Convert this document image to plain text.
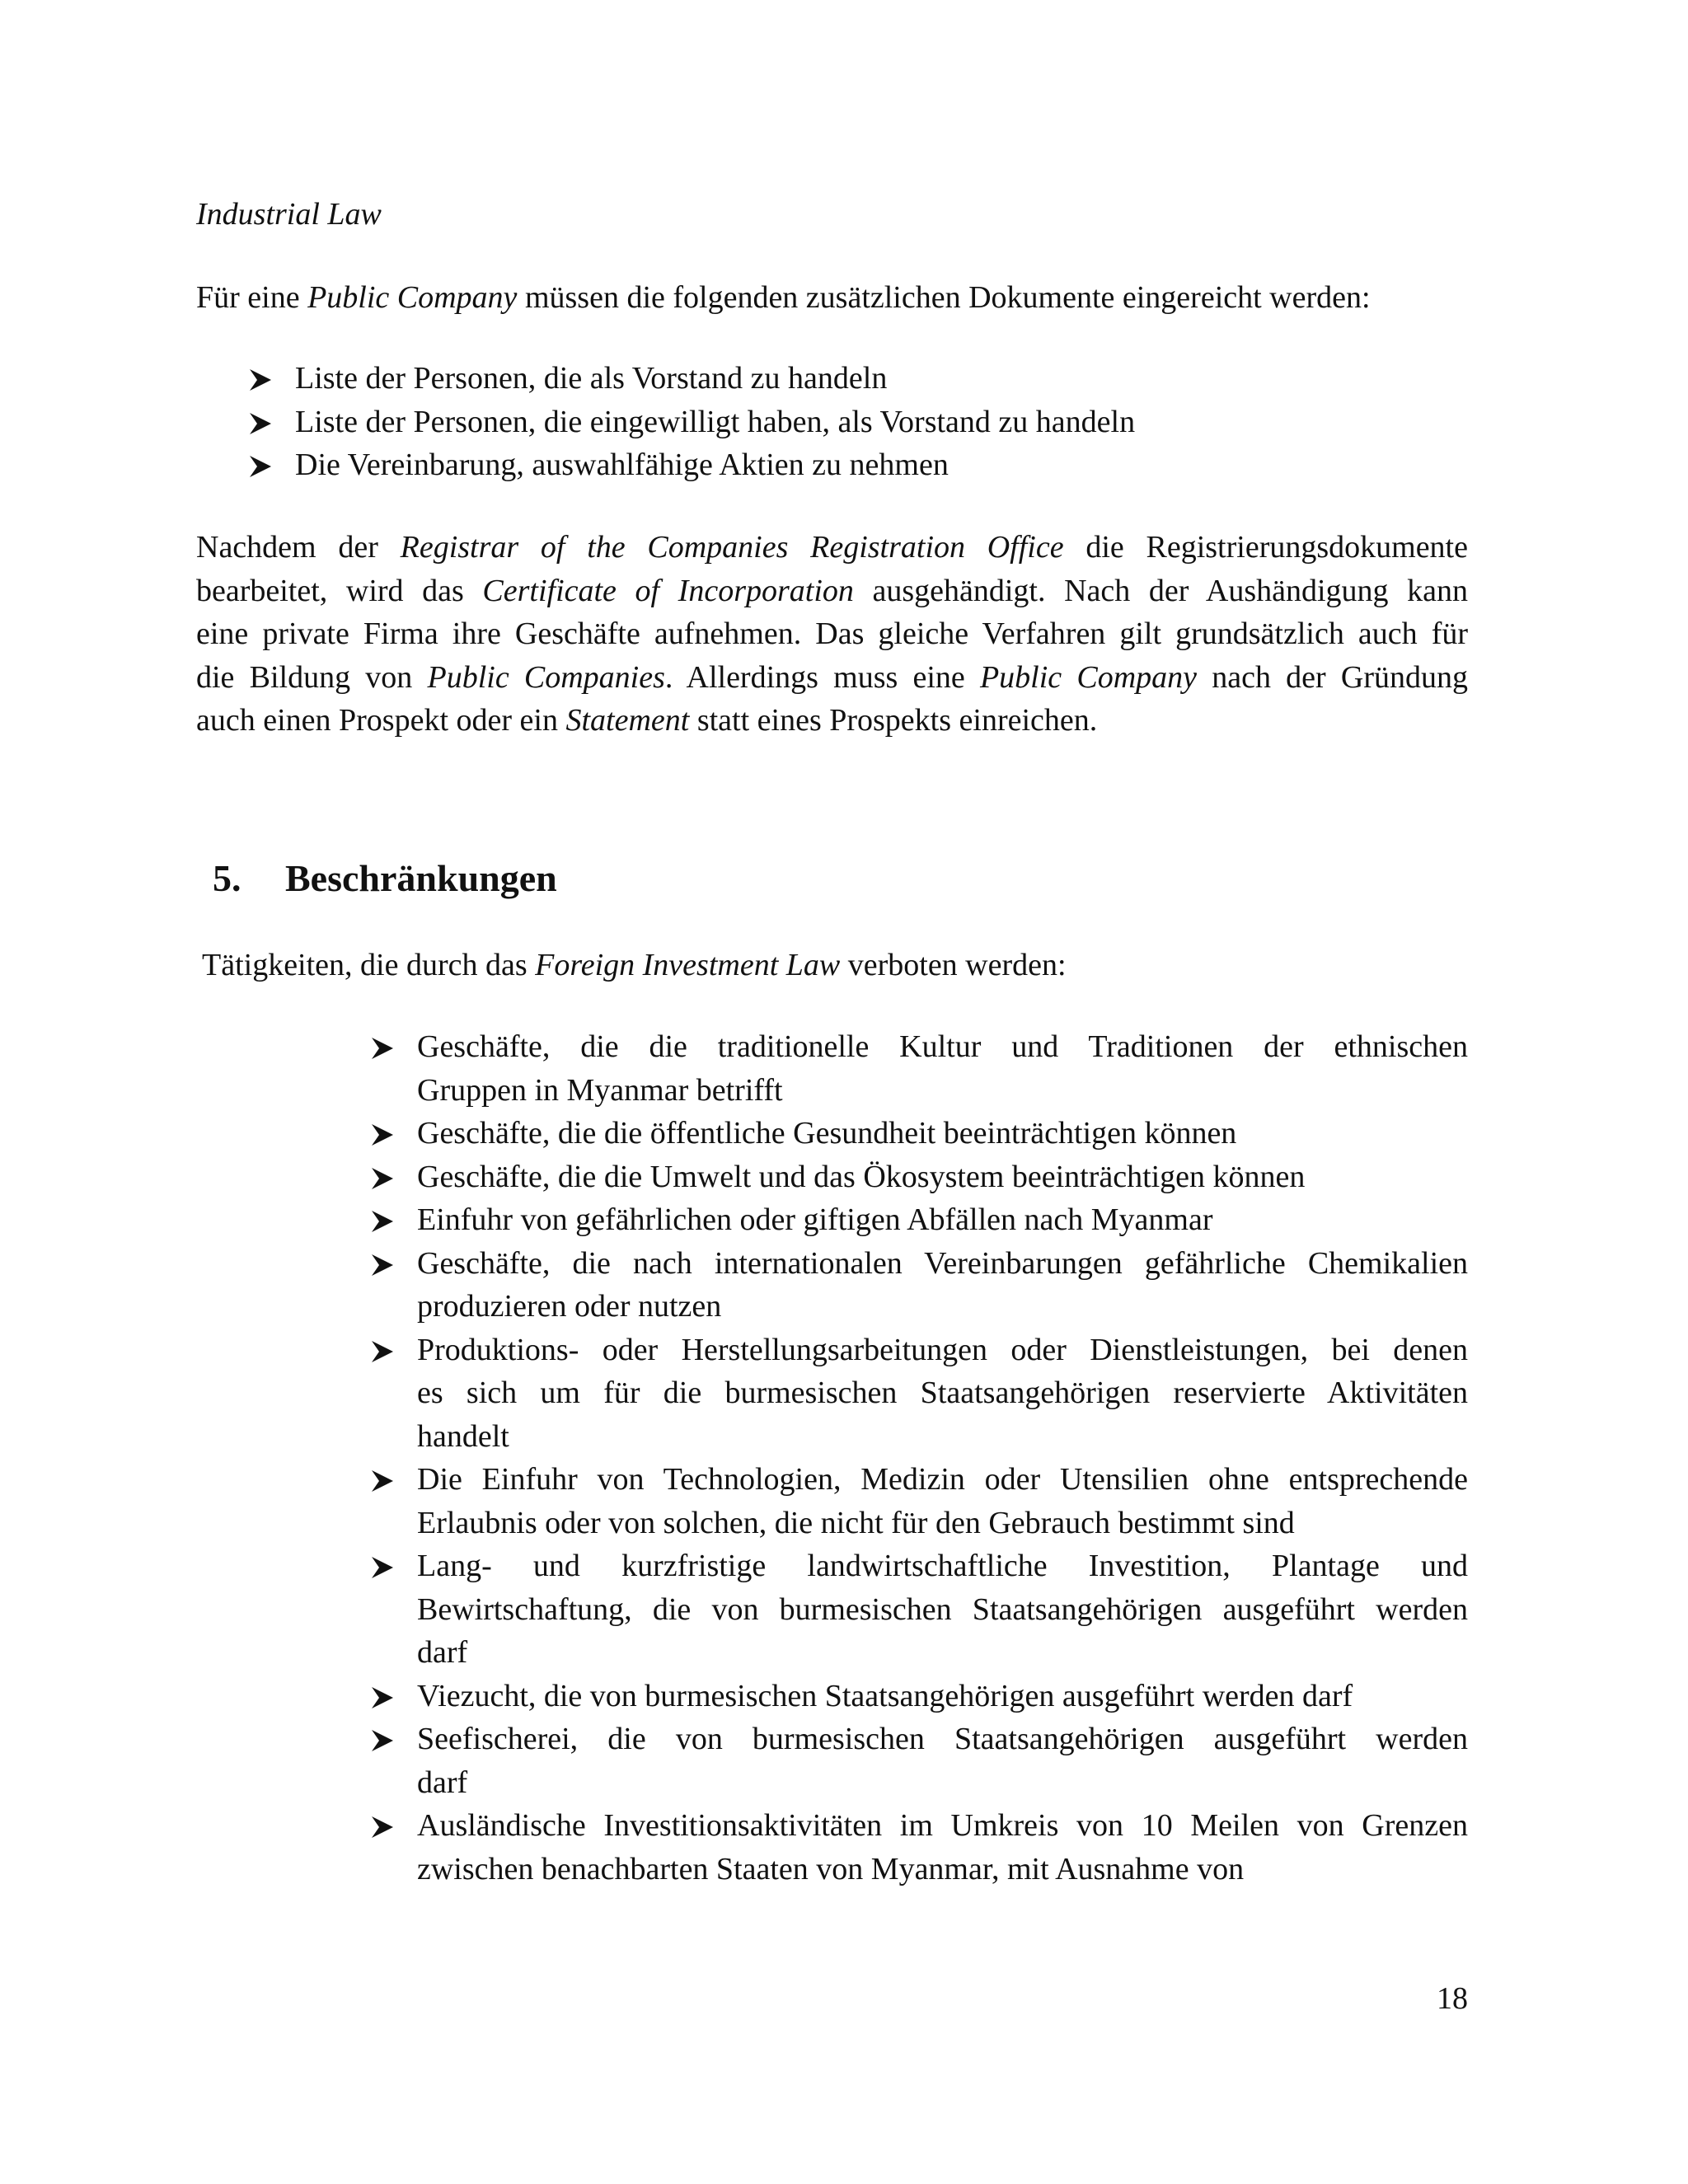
Industrial Law
Für eine Public Company müssen die folgenden zusätzlichen Dokumente eingereicht werden:
Liste der Personen, die als Vorstand zu handeln
Liste der Personen, die eingewilligt haben, als Vorstand zu handeln
Die Vereinbarung, auswahlfähige Aktien zu nehmen
Nachdem der Registrar of the Companies Registration Office die Registrierungsdokumente
bearbeitet, wird das Certificate of Incorporation ausgehändigt. Nach der Aushändigung kann
eine private Firma ihre Geschäfte aufnehmen. Das gleiche Verfahren gilt grundsätzlich auch für
die Bildung von Public Companies. Allerdings muss eine Public Company nach der Gründung
auch einen Prospekt oder ein Statement statt eines Prospekts einreichen.
5. Beschränkungen
Tätigkeiten, die durch das Foreign Investment Law verboten werden:
Geschäfte, die die traditionelle Kultur und Traditionen der ethnischen
Gruppen in Myanmar betrifft
Geschäfte, die die öffentliche Gesundheit beeinträchtigen können
Geschäfte, die die Umwelt und das Ökosystem beeinträchtigen können
Einfuhr von gefährlichen oder giftigen Abfällen nach Myanmar
Geschäfte, die nach internationalen Vereinbarungen gefährliche Chemikalien
produzieren oder nutzen
Produktions- oder Herstellungsarbeitungen oder Dienstleistungen, bei denen
es sich um für die burmesischen Staatsangehörigen reservierte Aktivitäten
handelt
Die Einfuhr von Technologien, Medizin oder Utensilien ohne entsprechende
Erlaubnis oder von solchen, die nicht für den Gebrauch bestimmt sind
Lang- und kurzfristige landwirtschaftliche Investition, Plantage und
Bewirtschaftung, die von burmesischen Staatsangehörigen ausgeführt werden
darf
Viezucht, die von burmesischen Staatsangehörigen ausgeführt werden darf
Seefischerei, die von burmesischen Staatsangehörigen ausgeführt werden
darf
Ausländische Investitionsaktivitäten im Umkreis von 10 Meilen von Grenzen
zwischen benachbarten Staaten von Myanmar, mit Ausnahme von
18
